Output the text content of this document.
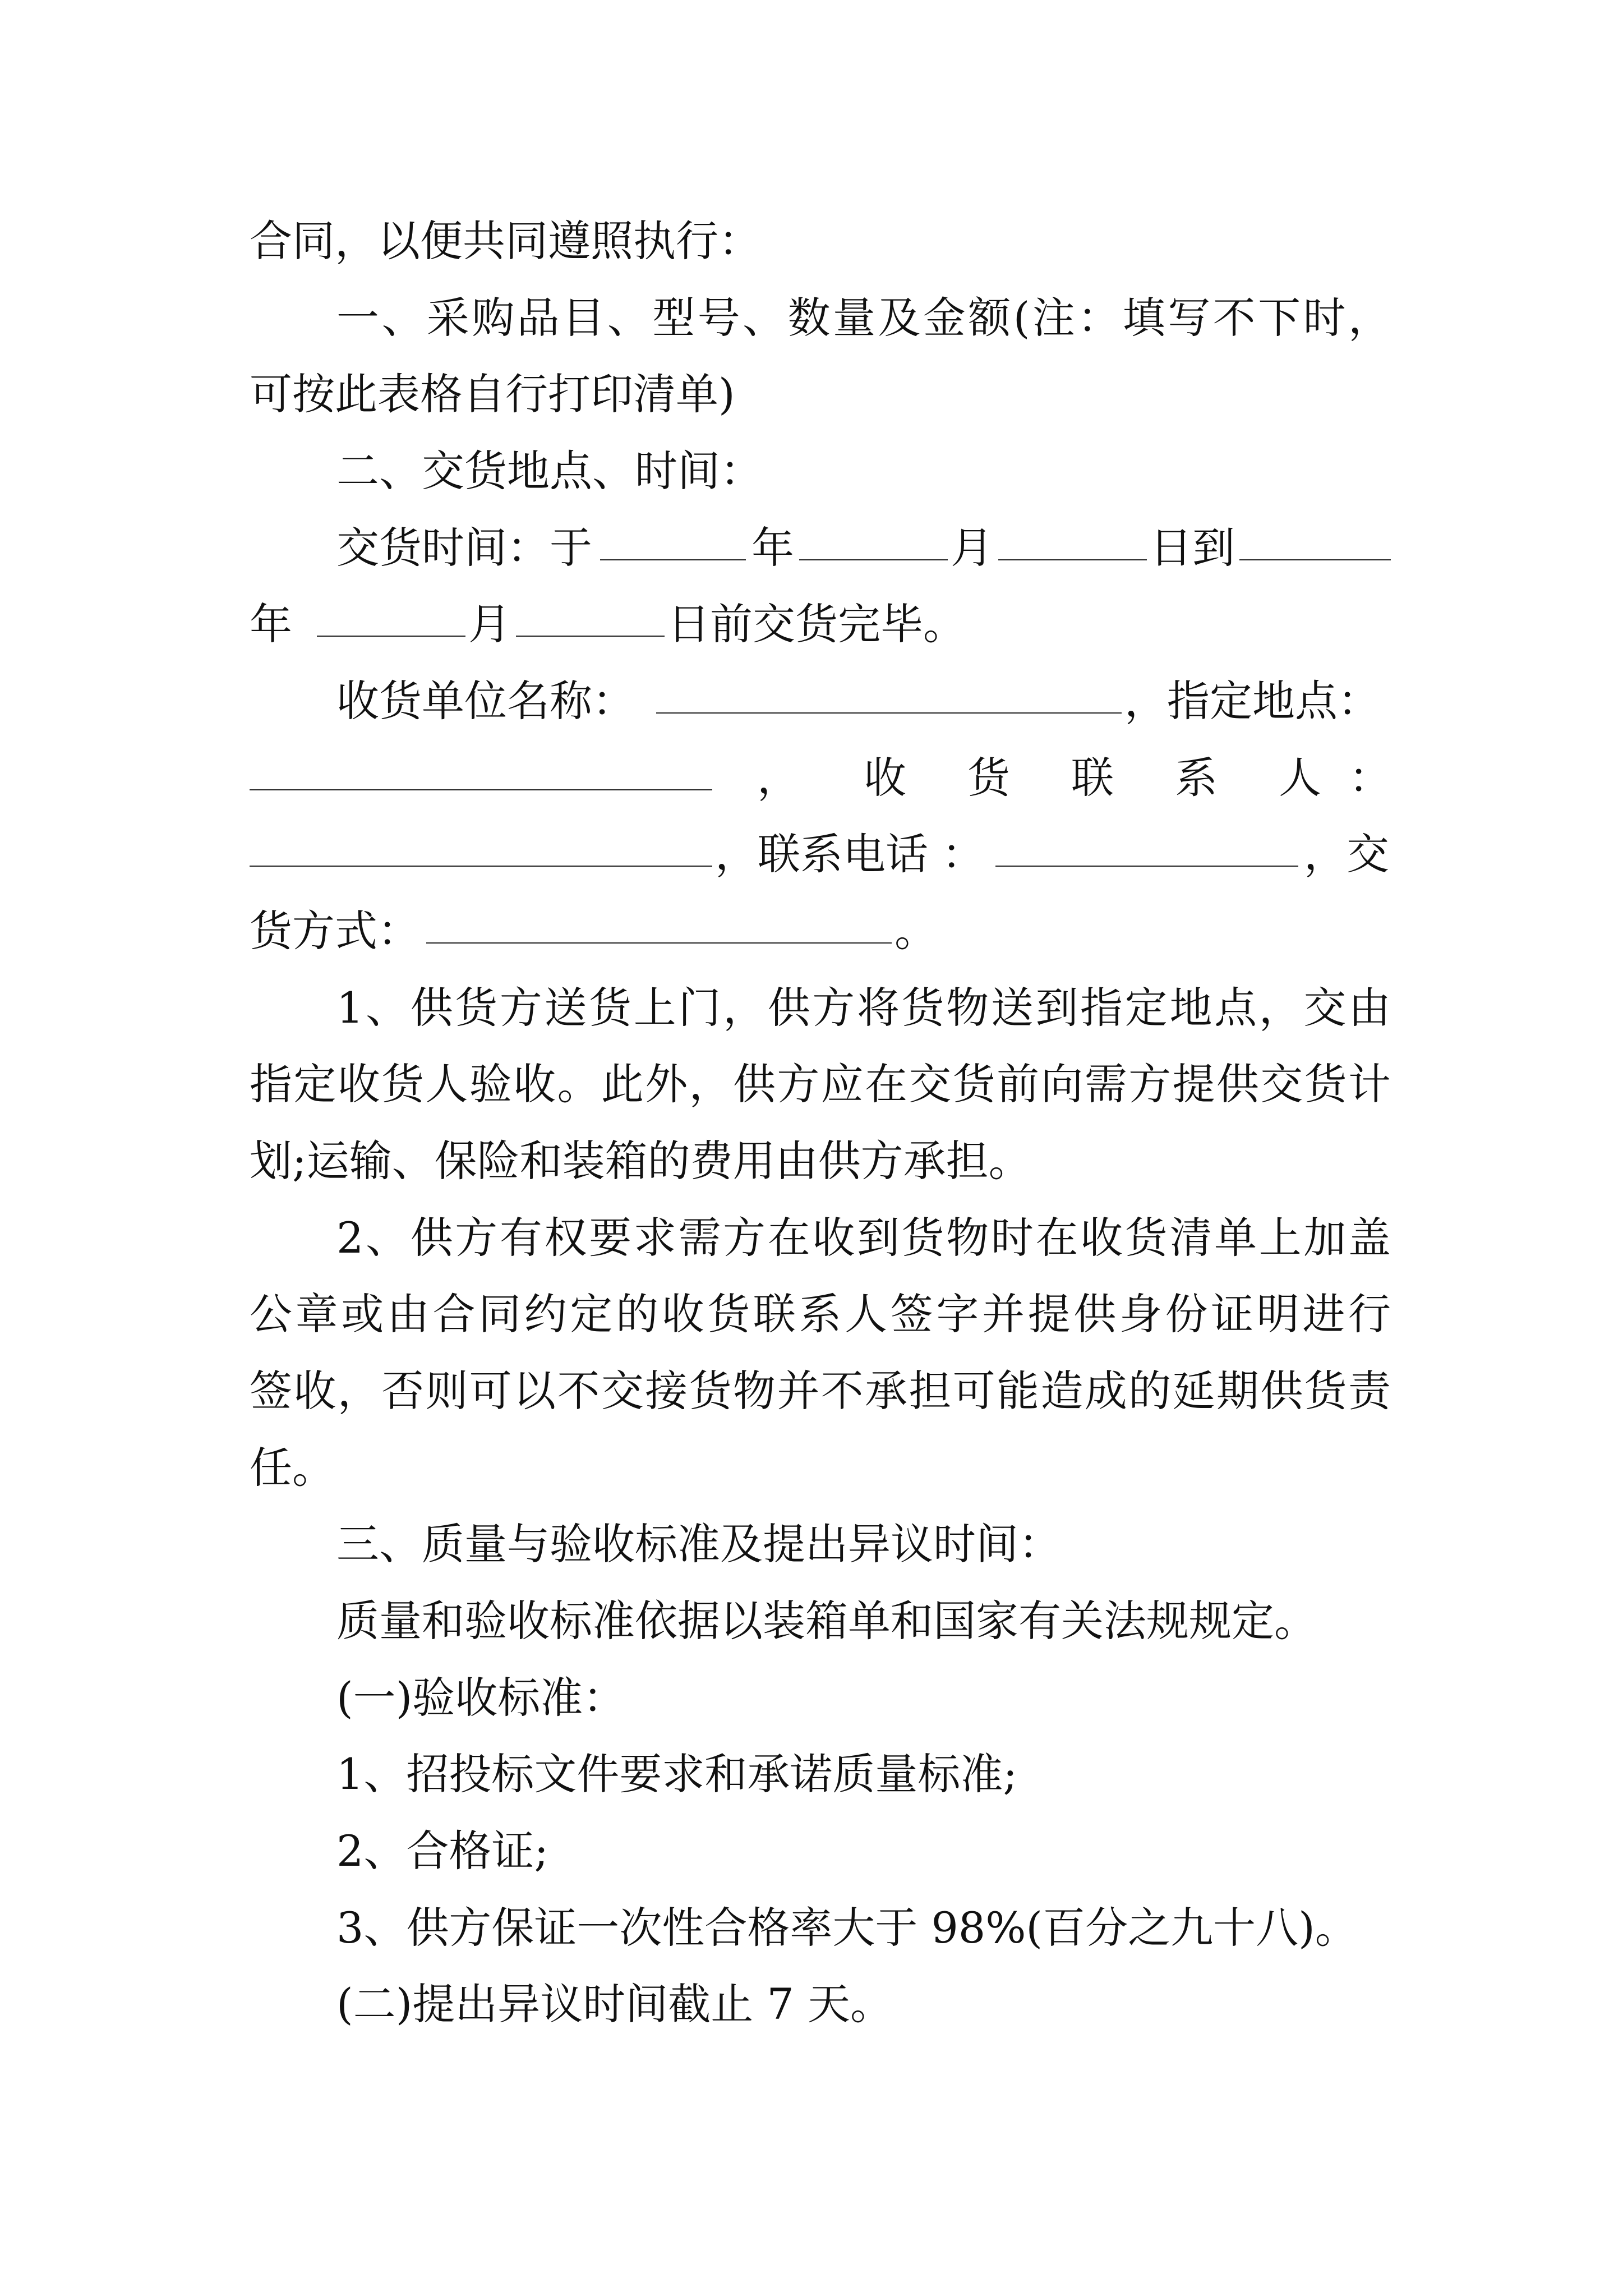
合同，以便共同遵照执行：
一、采购品目、型号、数量及金额(注：填写不下时，
可按此表格自行打印清单)
二、交货地点、时间：
交货时间：于	年	月	日到
年	月	日前交货完毕。
收货单位名称：	，指定地点：
， 收 货 联 系 人 ：
，联系电话 ：	，交
货方式：	。
1、供货方送货上门，供方将货物送到指定地点，交由
指定收货人验收。此外，供方应在交货前向需方提供交货计
划;运输、保险和装箱的费用由供方承担。
2、供方有权要求需方在收到货物时在收货清单上加盖
公章或由合同约定的收货联系人签字并提供身份证明进行
签收，否则可以不交接货物并不承担可能造成的延期供货责
任。
三、质量与验收标准及提出异议时间：
质量和验收标准依据以装箱单和国家有关法规规定。
(一)验收标准：
1、招投标文件要求和承诺质量标准;
2、合格证;
3、供方保证一次性合格率大于 98%(百分之九十八)。
(二)提出异议时间截止 7 天。
